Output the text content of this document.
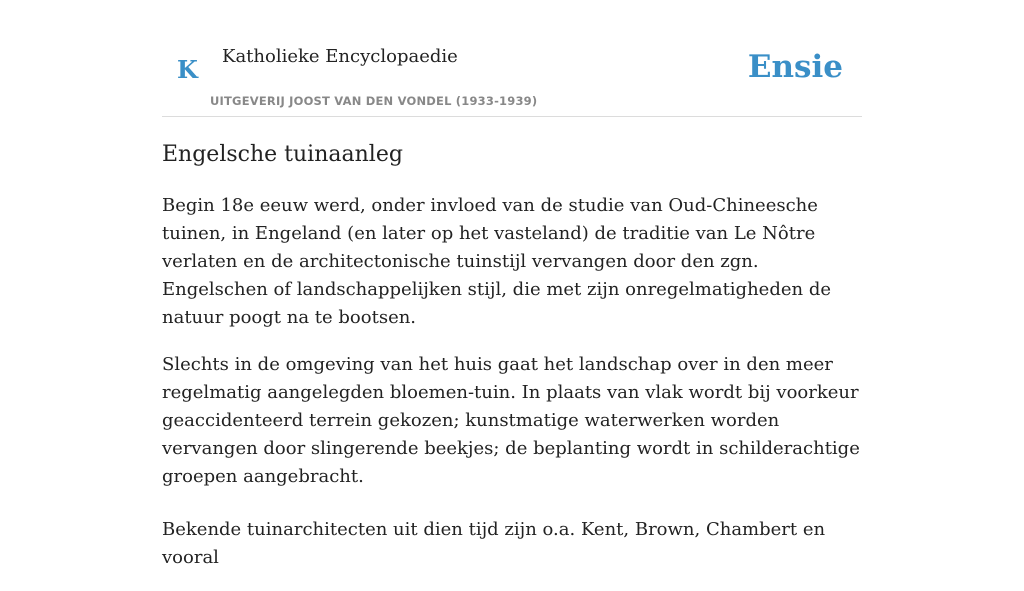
K Katholieke Encyclopaedie
UITGEVERIJ JOOST VAN DEN VONDEL (1933-1939)
Ensie
Engelsche tuinaanleg

Begin 18e eeuw werd, onder invloed van de studie van Oud-Chineesche tuinen, in Engeland (en later op het vasteland) de traditie van Le Nôtre verlaten en de architectonische tuinstijl vervangen door den zgn. Engelschen of landschappelijken stijl, die met zijn onregelmatigheden de natuur poogt na te bootsen.

Slechts in de omgeving van het huis gaat het landschap over in den meer regelmatig aangelegden bloemen-tuin. In plaats van vlak wordt bij voorkeur geaccidenteerd terrein gekozen; kunstmatige waterwerken worden vervangen door slingerende beekjes; de beplanting wordt in schilderachtige groepen aangebracht.

Bekende tuinarchitecten uit dien tijd zijn o.a. Kent, Brown, Chambert en vooral
